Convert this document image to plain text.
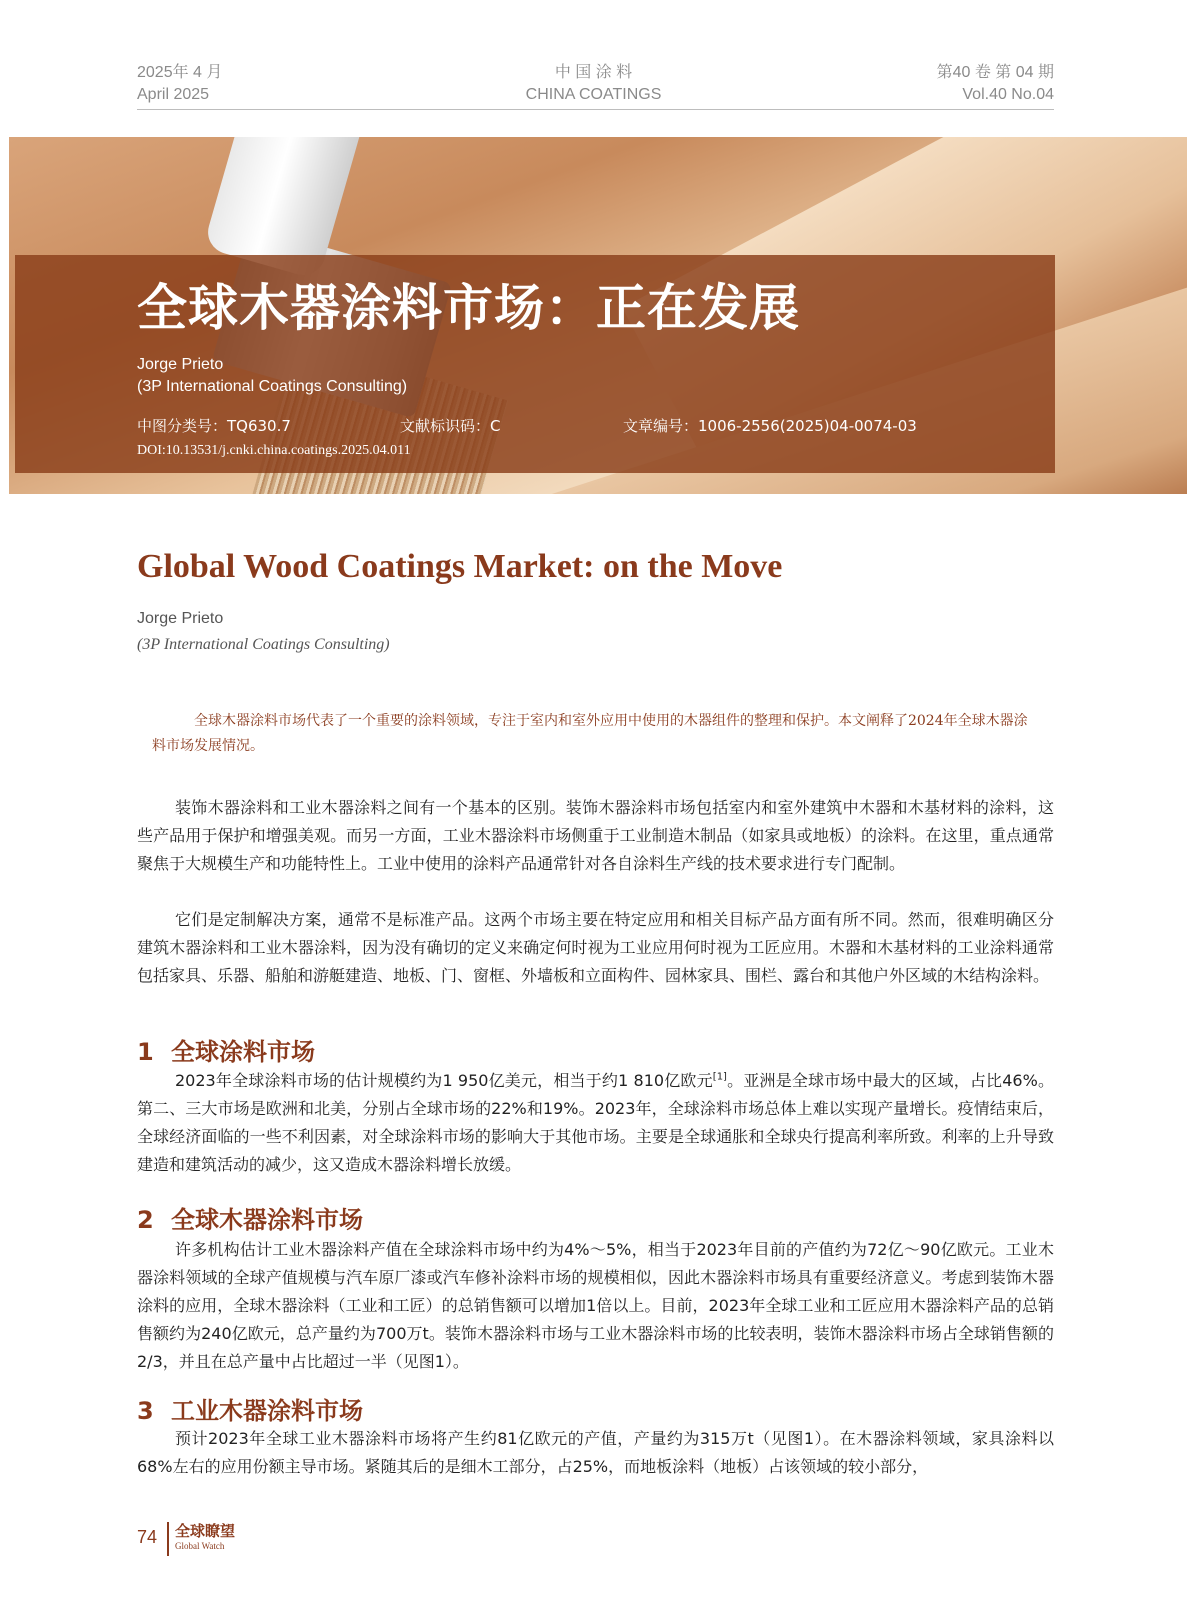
2025年 4 月
April 2025
中 国 涂 料
CHINA COATINGS
第40 卷 第 04 期
Vol.40 No.04
全球木器涂料市场：正在发展
Jorge Prieto
(3P International Coatings Consulting)
中图分类号：TQ630.7	文献标识码：C	文章编号：1006-2556(2025)04-0074-03
DOI:10.13531/j.cnki.china.coatings.2025.04.011
Global Wood Coatings Market: on the Move
Jorge Prieto
(3P International Coatings Consulting)
全球木器涂料市场代表了一个重要的涂料领域，专注于室内和室外应用中使用的木器组件的整理和保护。本文阐释了2024年全球木器涂料市场发展情况。
装饰木器涂料和工业木器涂料之间有一个基本的区别。装饰木器涂料市场包括室内和室外建筑中木器和木基材料的涂料，这些产品用于保护和增强美观。而另一方面，工业木器涂料市场侧重于工业制造木制品（如家具或地板）的涂料。在这里，重点通常聚焦于大规模生产和功能特性上。工业中使用的涂料产品通常针对各自涂料生产线的技术要求进行专门配制。
它们是定制解决方案，通常不是标准产品。这两个市场主要在特定应用和相关目标产品方面有所不同。然而，很难明确区分建筑木器涂料和工业木器涂料，因为没有确切的定义来确定何时视为工业应用何时视为工匠应用。木器和木基材料的工业涂料通常包括家具、乐器、船舶和游艇建造、地板、门、窗框、外墙板和立面构件、园林家具、围栏、露台和其他户外区域的木结构涂料。
1 全球涂料市场
2023年全球涂料市场的估计规模约为1 950亿美元，相当于约1 810亿欧元[1]。亚洲是全球市场中最大的区域，占比46%。第二、三大市场是欧洲和北美，分别占全球市场的22%和19%。2023年，全球涂料市场总体上难以实现产量增长。疫情结束后，全球经济面临的一些不利因素，对全球涂料市场的影响大于其他市场。主要是全球通胀和全球央行提高利率所致。利率的上升导致建造和建筑活动的减少，这又造成木器涂料增长放缓。
2 全球木器涂料市场
许多机构估计工业木器涂料产值在全球涂料市场中约为4%～5%，相当于2023年目前的产值约为72亿～90亿欧元。工业木器涂料领域的全球产值规模与汽车原厂漆或汽车修补涂料市场的规模相似，因此木器涂料市场具有重要经济意义。考虑到装饰木器涂料的应用，全球木器涂料（工业和工匠）的总销售额可以增加1倍以上。目前，2023年全球工业和工匠应用木器涂料产品的总销售额约为240亿欧元，总产量约为700万t。装饰木器涂料市场与工业木器涂料市场的比较表明，装饰木器涂料市场占全球销售额的2/3，并且在总产量中占比超过一半（见图1）。
3 工业木器涂料市场
预计2023年全球工业木器涂料市场将产生约81亿欧元的产值，产量约为315万t（见图1）。在木器涂料领域，家具涂料以68%左右的应用份额主导市场。紧随其后的是细木工部分，占25%，而地板涂料（地板）占该领域的较小部分，
74 全球瞭望
Global Watch
